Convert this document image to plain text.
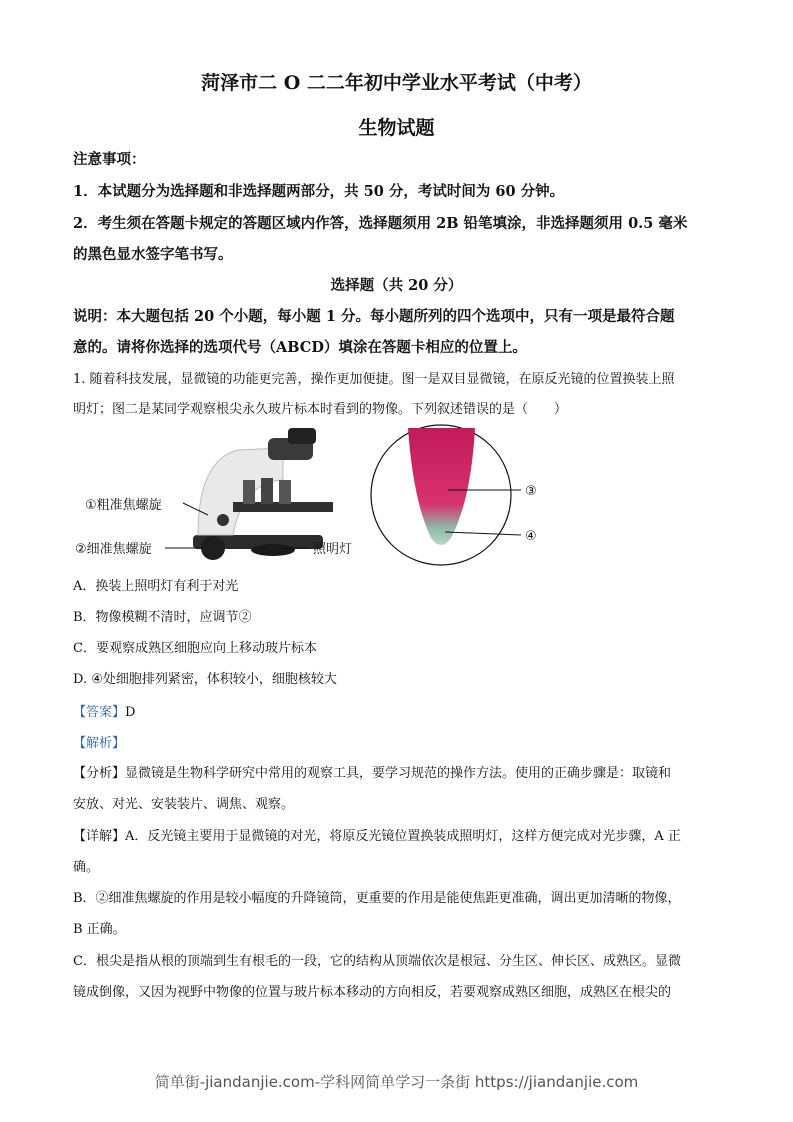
菏泽市二 O 二二年初中学业水平考试（中考）
生物试题
注意事项：
1．本试题分为选择题和非选择题两部分，共 50 分，考试时间为 60 分钟。
2．考生须在答题卡规定的答题区域内作答，选择题须用 2B 铅笔填涂，非选择题须用 0.5 毫米
的黑色显水签字笔书写。
选择题（共 20 分）
说明：本大题包括 20 个小题，每小题 1 分。每小题所列的四个选项中，只有一项是最符合题
意的。请将你选择的选项代号（ABCD）填涂在答题卡相应的位置上。
1. 随着科技发展，显微镜的功能更完善，操作更加便捷。图一是双目显微镜，在原反光镜的位置换装上照
明灯；图二是某同学观察根尖永久玻片标本时看到的物像。下列叙述错误的是（　　）
①粗准焦螺旋
②细准焦螺旋	照明灯
③
④
A．换装上照明灯有利于对光
B．物像模糊不清时，应调节②
C．要观察成熟区细胞应向上移动玻片标本
D. ④处细胞排列紧密，体积较小，细胞核较大
【答案】D
【解析】
【分析】显微镜是生物科学研究中常用的观察工具，要学习规范的操作方法。使用的正确步骤是：取镜和
安放、对光、安装装片、调焦、观察。
【详解】A．反光镜主要用于显微镜的对光，将原反光镜位置换装成照明灯，这样方便完成对光步骤，A 正
确。
B．②细准焦螺旋的作用是较小幅度的升降镜筒，更重要的作用是能使焦距更准确，调出更加清晰的物像，
B 正确。
C．根尖是指从根的顶端到生有根毛的一段，它的结构从顶端依次是根冠、分生区、伸长区、成熟区。显微
镜成倒像，又因为视野中物像的位置与玻片标本移动的方向相反，若要观察成熟区细胞，成熟区在根尖的
简单街-jiandanjie.com-学科网简单学习一条街 https://jiandanjie.com
